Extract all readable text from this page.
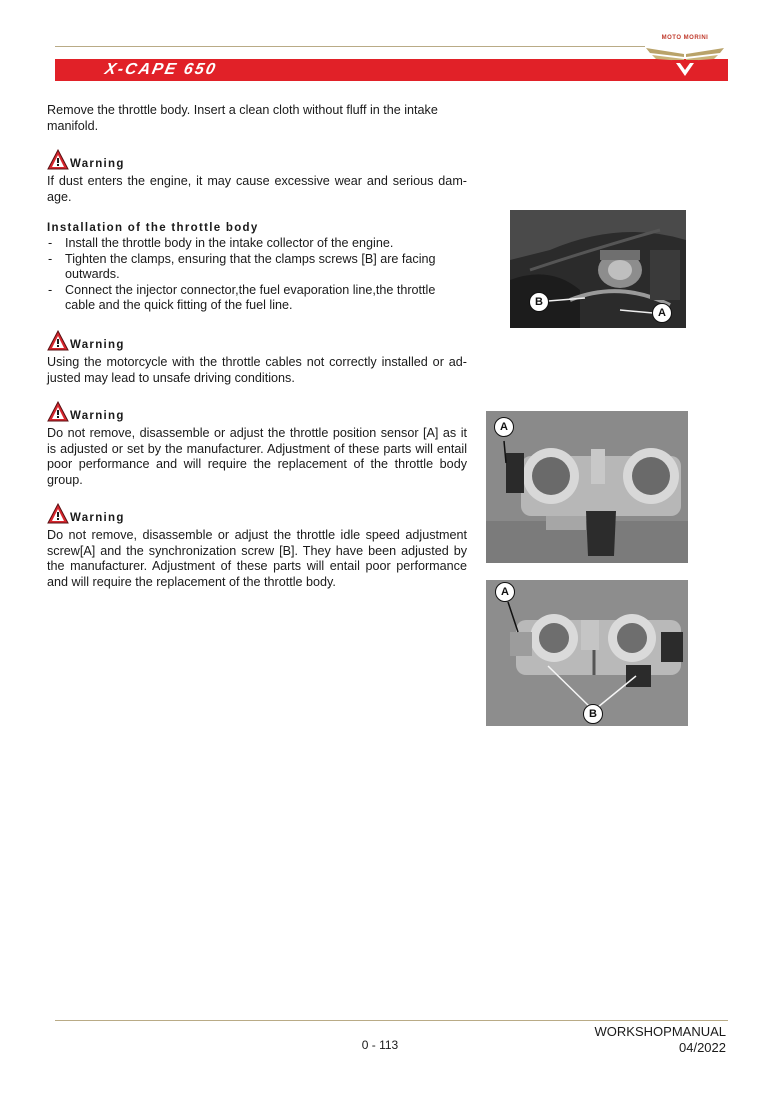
X-CAPE 650
MOTO MORINI
Remove the throttle body. Insert a clean cloth without fluff in the intake manifold.
Warning
If dust enters the engine, it may cause excessive wear and serious dam-age.
Installation of the throttle body
- Install the throttle body in the intake collector of the engine.
- Tighten the clamps, ensuring that the clamps screws [B] are facing outwards.
- Connect the injector connector,the fuel evaporation line,the throttle cable and the quick fitting of the fuel line.
Warning
Using the motorcycle with the throttle cables not correctly installed or ad-justed may lead to unsafe driving conditions.
Warning
Do not remove, disassemble or adjust the throttle position sensor [A] as it is adjusted or set by the manufacturer. Adjustment of these parts will entail poor performance and will require the replacement of the throttle body group.
Warning
Do not remove, disassemble or adjust the throttle idle speed adjustment screw[A] and the synchronization screw [B]. They have been adjusted by the manufacturer. Adjustment of these parts will entail poor performance and will require the replacement of the throttle body.
B
A
A
A
B
0 - 113
WORKSHOPMANUAL
04/2022
